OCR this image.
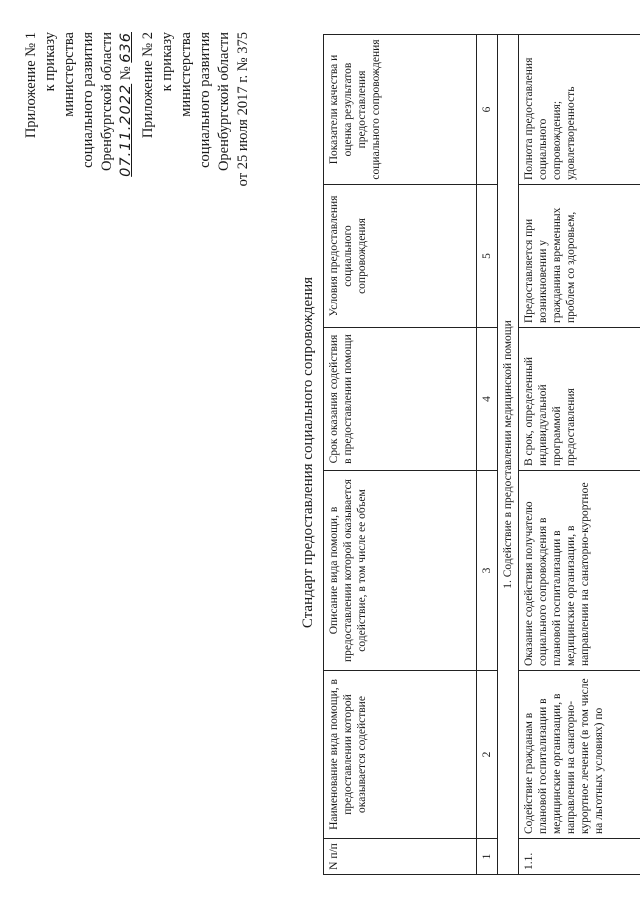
Приложение № 1 к приказу министерства социального развития Оренбургской области 07.11.2022 № 636 Приложение № 2 к приказу министерства социального развития Оренбургской области от 25 июля 2017 г. № 375
Стандарт предоставления социального сопровождения
N п/п	Наименование вида помощи, в предоставлении которой оказывается содействие	Описание вида помощи, в предоставлении которой оказывается содействие, в том числе ее объем	Срок оказания содействия в предоставлении помощи	Условия предоставления социального сопровождения	Показатели качества и оценка результатов предоставления социального сопровождения
1	2	3	4	5	6
1. Содействие в предоставлении медицинской помощи					
1.1.	Содействие гражданам в плановой госпитализации в медицинские организации, в направлении на санаторно-курортное лечение (в том числе на льготных условиях) по	Оказание содействия получателю социального сопровождения в плановой госпитализации в медицинские организации, в направлении на санаторно-курортное	В срок, определенный индивидуальной программой предоставления	Предоставляется при возникновении у гражданина временных проблем со здоровьем,	Полнота предоставления социального сопровождения; удовлетворенность
